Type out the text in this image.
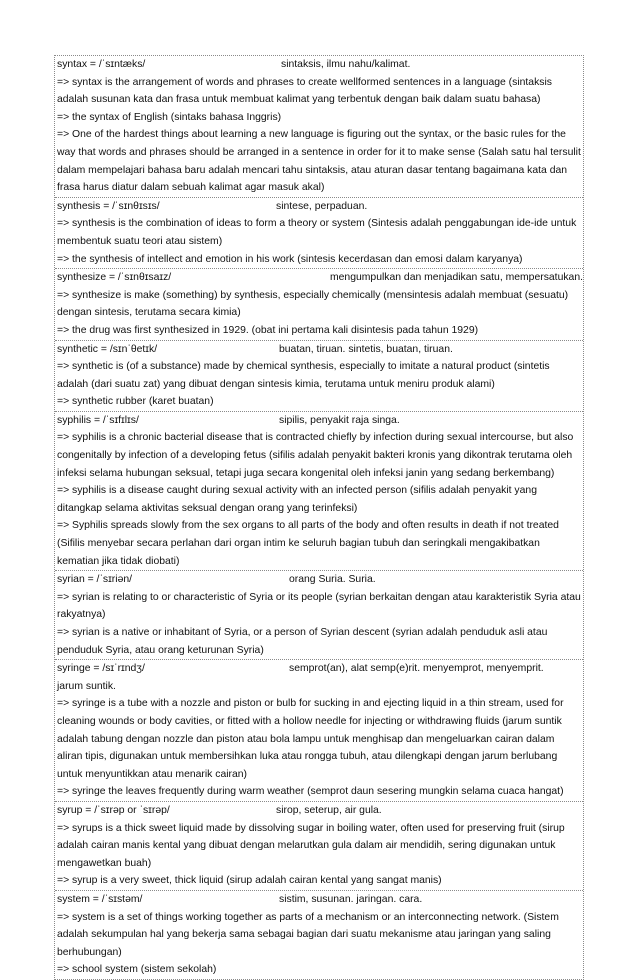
syntax = /ˈsɪntæks/	sintaksis, ilmu nahu/kalimat.
=> syntax is the arrangement of words and phrases to create wellformed sentences in a language (sintaksis adalah susunan kata dan frasa untuk membuat kalimat yang terbentuk dengan baik dalam suatu bahasa)
=> the syntax of English (sintaks bahasa Inggris)
=> One of the hardest things about learning a new language is figuring out the syntax, or the basic rules for the way that words and phrases should be arranged in a sentence in order for it to make sense (Salah satu hal tersulit dalam mempelajari bahasa baru adalah mencari tahu sintaksis, atau aturan dasar tentang bagaimana kata dan frasa harus diatur dalam sebuah kalimat agar masuk akal)
synthesis = /ˈsɪnθɪsɪs/	sintese, perpaduan.
=> synthesis is the combination of ideas to form a theory or system (Sintesis adalah penggabungan ide-ide untuk membentuk suatu teori atau sistem)
=> the synthesis of intellect and emotion in his work (sintesis kecerdasan dan emosi dalam karyanya)
synthesize = /ˈsɪnθɪsaɪz/	mengumpulkan dan menjadikan satu, mempersatukan.
=> synthesize is make (something) by synthesis, especially chemically (mensintesis adalah membuat (sesuatu) dengan sintesis, terutama secara kimia)
=> the drug was first synthesized in 1929. (obat ini pertama kali disintesis pada tahun 1929)
synthetic = /sɪnˈθetɪk/	buatan, tiruan. sintetis, buatan, tiruan.
=> synthetic is (of a substance) made by chemical synthesis, especially to imitate a natural product (sintetis adalah (dari suatu zat) yang dibuat dengan sintesis kimia, terutama untuk meniru produk alami)
=> synthetic rubber (karet buatan)
syphilis = /ˈsɪfɪlɪs/	sipilis, penyakit raja singa.
=> syphilis is a chronic bacterial disease that is contracted chiefly by infection during sexual intercourse, but also congenitally by infection of a developing fetus (sifilis adalah penyakit bakteri kronis yang dikontrak terutama oleh infeksi selama hubungan seksual, tetapi juga secara kongenital oleh infeksi janin yang sedang berkembang)
=> syphilis is a disease caught during sexual activity with an infected person (sifilis adalah penyakit yang ditangkap selama aktivitas seksual dengan orang yang terinfeksi)
=> Syphilis spreads slowly from the sex organs to all parts of the body and often results in death if not treated (Sifilis menyebar secara perlahan dari organ intim ke seluruh bagian tubuh dan seringkali mengakibatkan kematian jika tidak diobati)
syrian = /ˈsɪriən/	orang Suria. Suria.
=> syrian is relating to or characteristic of Syria or its people (syrian berkaitan dengan atau karakteristik Syria atau rakyatnya)
=> syrian is a native or inhabitant of Syria, or a person of Syrian descent (syrian adalah penduduk asli atau penduduk Syria, atau orang keturunan Syria)
syringe = /sɪˈrɪndʒ/	semprot(an), alat semp(e)rit. menyemprot, menyemprit.
jarum suntik.
=> syringe is a tube with a nozzle and piston or bulb for sucking in and ejecting liquid in a thin stream, used for cleaning wounds or body cavities, or fitted with a hollow needle for injecting or withdrawing fluids (jarum suntik adalah tabung dengan nozzle dan piston atau bola lampu untuk menghisap dan mengeluarkan cairan dalam aliran tipis, digunakan untuk membersihkan luka atau rongga tubuh, atau dilengkapi dengan jarum berlubang untuk menyuntikkan atau menarik cairan)
=> syringe the leaves frequently during warm weather (semprot daun sesering mungkin selama cuaca hangat)
syrup = /ˈsɪrəp or ˈsɪrəp/	sirop, seterup, air gula.
=> syrups is a thick sweet liquid made by dissolving sugar in boiling water, often used for preserving fruit (sirup adalah cairan manis kental yang dibuat dengan melarutkan gula dalam air mendidih, sering digunakan untuk mengawetkan buah)
=> syrup is a very sweet, thick liquid (sirup adalah cairan kental yang sangat manis)
system = /ˈsɪstəm/	sistim, susunan. jaringan. cara.
=> system is a set of things working together as parts of a mechanism or an interconnecting network. (Sistem adalah sekumpulan hal yang bekerja sama sebagai bagian dari suatu mekanisme atau jaringan yang saling berhubungan)
=> school system (sistem sekolah)
